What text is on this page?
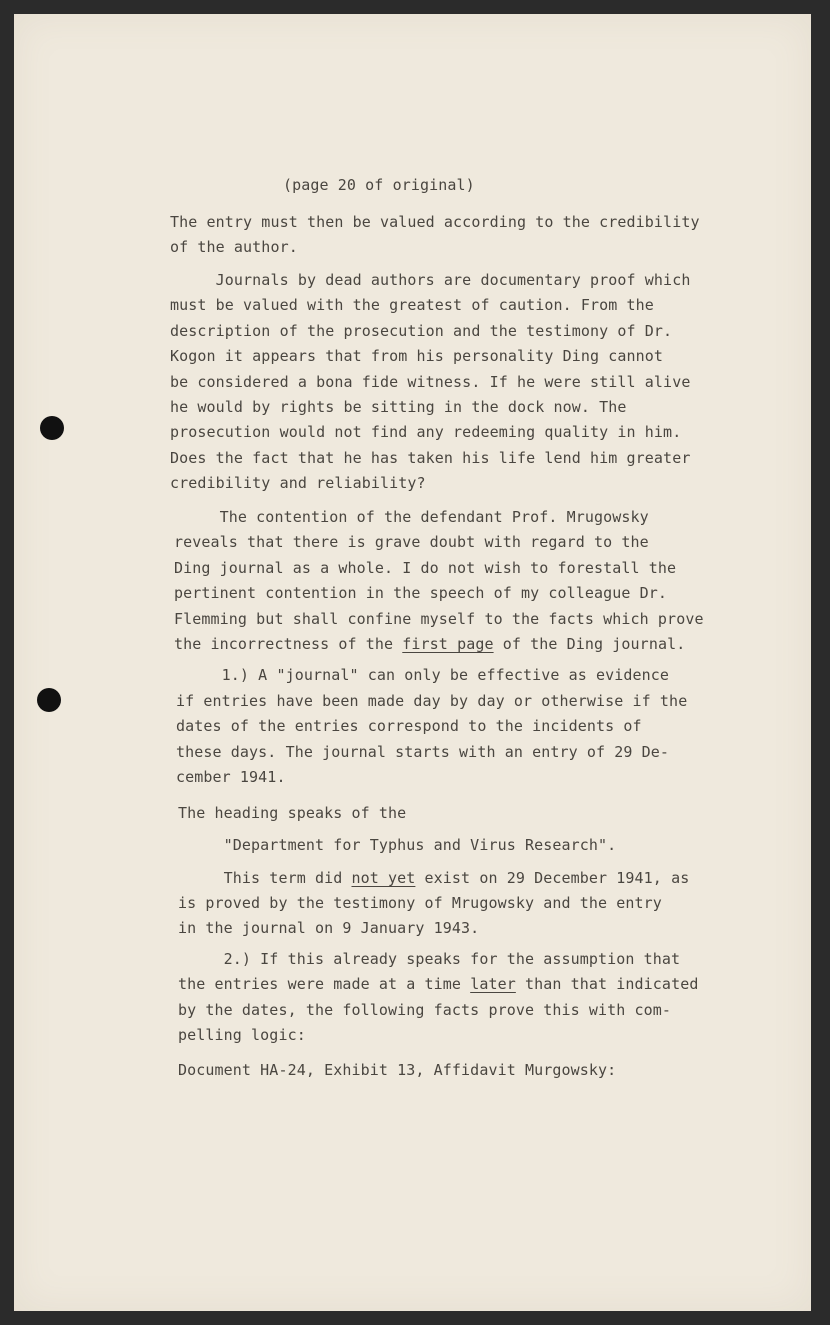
(page 20 of original)
The entry must then be valued according to the credibility
of the author.
Journals by dead authors are documentary proof which
must be valued with the greatest of caution. From the
description of the prosecution and the testimony of Dr.
Kogon it appears that from his personality Ding cannot
be considered a bona fide witness. If he were still alive
he would by rights be sitting in the dock now. The
prosecution would not find any redeeming quality in him.
Does the fact that he has taken his life lend him greater
credibility and reliability?
The contention of the defendant Prof. Mrugowsky
reveals that there is grave doubt with regard to the
Ding journal as a whole. I do not wish to forestall the
pertinent contention in the speech of my colleague Dr.
Flemming but shall confine myself to the facts which prove
the incorrectness of the first page of the Ding journal.
1.) A "journal" can only be effective as evidence
if entries have been made day by day or otherwise if the
dates of the entries correspond to the incidents of
these days. The journal starts with an entry of 29 De-
cember 1941.
The heading speaks of the
"Department for Typhus and Virus Research".
This term did not yet exist on 29 December 1941, as
is proved by the testimony of Mrugowsky and the entry
in the journal on 9 January 1943.
2.) If this already speaks for the assumption that
the entries were made at a time later than that indicated
by the dates, the following facts prove this with com-
pelling logic:
Document HA-24, Exhibit 13, Affidavit Murgowsky:
